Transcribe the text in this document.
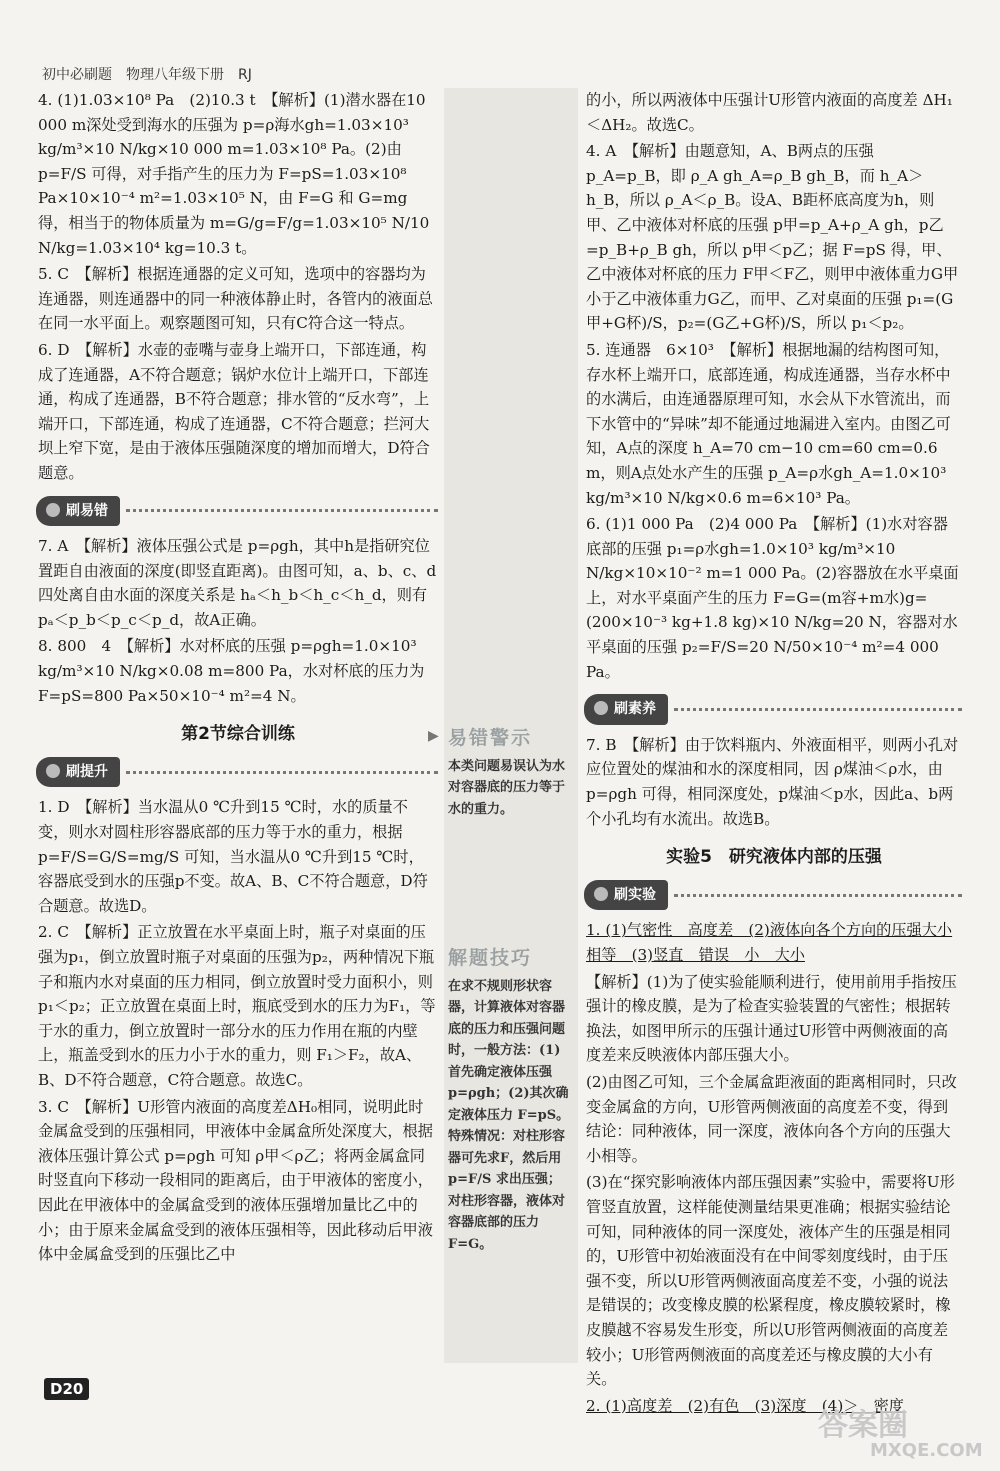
初中必刷题　物理八年级下册　RJ

4. (1)1.03×10⁸ Pa　(2)10.3 t　【解析】(1)潜水器在10 000 m深处受到海水的压强为 p=ρ海水gh=1.03×10³ kg/m³×10 N/kg×10 000 m=1.03×10⁸ Pa。(2)由 p=F/S 可得，对手指产生的压力为 F=pS=1.03×10⁸ Pa×10×10⁻⁴ m²=1.03×10⁵ N，由 F=G 和 G=mg 得，相当于的物体质量为 m=G/g=F/g=1.03×10⁵ N/10 N/kg=1.03×10⁴ kg=10.3 t。

5. C　【解析】根据连通器的定义可知，选项中的容器均为连通器，则连通器中的同一种液体静止时，各管内的液面总在同一水平面上。观察题图可知，只有C符合这一特点。

6. D　【解析】水壶的壶嘴与壶身上端开口，下部连通，构成了连通器，A不符合题意；锅炉水位计上端开口，下部连通，构成了连通器，B不符合题意；排水管的“反水弯”，上端开口，下部连通，构成了连通器，C不符合题意；拦河大坝上窄下宽，是由于液体压强随深度的增加而增大，D符合题意。

刷易错

7. A　【解析】液体压强公式是 p=ρgh，其中h是指研究位置距自由液面的深度(即竖直距离)。由图可知，a、b、c、d 四处离自由水面的深度关系是 hₐ＜h_b＜h_c＜h_d，则有 pₐ＜p_b＜p_c＜p_d，故A正确。

8. 800　4　【解析】水对杯底的压强 p=ρgh=1.0×10³ kg/m³×10 N/kg×0.08 m=800 Pa，水对杯底的压力为 F=pS=800 Pa×50×10⁻⁴ m²=4 N。

第2节综合训练
刷提升

1. D　【解析】当水温从0 ℃升到15 ℃时，水的质量不变，则水对圆柱形容器底部的压力等于水的重力，根据 p=F/S=G/S=mg/S 可知，当水温从0 ℃升到15 ℃时，容器底受到水的压强p不变。故A、B、C不符合题意，D符合题意。故选D。

2. C　【解析】正立放置在水平桌面上时，瓶子对桌面的压强为p₁，倒立放置时瓶子对桌面的压强为p₂，两种情况下瓶子和瓶内水对桌面的压力相同，倒立放置时受力面积小，则 p₁＜p₂；正立放置在桌面上时，瓶底受到水的压力为F₁，等于水的重力，倒立放置时一部分水的压力作用在瓶的内壁上，瓶盖受到水的压力小于水的重力，则 F₁＞F₂，故A、B、D不符合题意，C符合题意。故选C。

3. C　【解析】U形管内液面的高度差ΔH₀相同，说明此时金属盒受到的压强相同，甲液体中金属盒所处深度大，根据液体压强计算公式 p=ρgh 可知 ρ甲＜ρ乙；将两金属盒同时竖直向下移动一段相同的距离后，由于甲液体的密度小，因此在甲液体中的金属盒受到的液体压强增加量比乙中的小；由于原来金属盒受到的液体压强相等，因此移动后甲液体中金属盒受到的压强比乙中

易错警示
本类问题易误认为水对容器底的压力等于水的重力。
解题技巧
在求不规则形状容器，计算液体对容器底的压力和压强问题时，一般方法：(1)首先确定液体压强 p=ρgh；(2)其次确定液体压力 F=pS。特殊情况：对柱形容器可先求F，然后用 p=F/S 求出压强；对柱形容器，液体对容器底部的压力 F=G。
▶

的小，所以两液体中压强计U形管内液面的高度差 ΔH₁＜ΔH₂。故选C。

4. A　【解析】由题意知，A、B两点的压强 p_A=p_B，即 ρ_A gh_A=ρ_B gh_B，而 h_A＞h_B，所以 ρ_A＜ρ_B。设A、B距杯底高度为h，则甲、乙中液体对杯底的压强 p甲=p_A+ρ_A gh，p乙=p_B+ρ_B gh，所以 p甲＜p乙；据 F=pS 得，甲、乙中液体对杯底的压力 F甲＜F乙，则甲中液体重力G甲小于乙中液体重力G乙，而甲、乙对桌面的压强 p₁=(G甲+G杯)/S，p₂=(G乙+G杯)/S，所以 p₁＜p₂。

5. 连通器　6×10³　【解析】根据地漏的结构图可知，存水杯上端开口，底部连通，构成连通器，当存水杯中的水满后，由连通器原理可知，水会从下水管流出，而下水管中的“异味”却不能通过地漏进入室内。由图乙可知，A点的深度 h_A=70 cm−10 cm=60 cm=0.6 m，则A点处水产生的压强 p_A=ρ水gh_A=1.0×10³ kg/m³×10 N/kg×0.6 m=6×10³ Pa。

6. (1)1 000 Pa　(2)4 000 Pa　【解析】(1)水对容器底部的压强 p₁=ρ水gh=1.0×10³ kg/m³×10 N/kg×10×10⁻² m=1 000 Pa。(2)容器放在水平桌面上，对水平桌面产生的压力 F=G=(m容+m水)g=(200×10⁻³ kg+1.8 kg)×10 N/kg=20 N，容器对水平桌面的压强 p₂=F/S=20 N/50×10⁻⁴ m²=4 000 Pa。

刷素养

7. B　【解析】由于饮料瓶内、外液面相平，则两小孔对应位置处的煤油和水的深度相同，因 ρ煤油＜ρ水，由 p=ρgh 可得，相同深度处，p煤油＜p水，因此a、b两个小孔均有水流出。故选B。

实验5　研究液体内部的压强
刷实验

1. (1)气密性　高度差　(2)液体向各个方向的压强大小相等　(3)竖直　错误　小　大小

【解析】(1)为了使实验能顺利进行，使用前用手指按压强计的橡皮膜，是为了检查实验装置的气密性；根据转换法，如图甲所示的压强计通过U形管中两侧液面的高度差来反映液体内部压强大小。

(2)由图乙可知，三个金属盒距液面的距离相同时，只改变金属盒的方向，U形管两侧液面的高度差不变，得到结论：同种液体，同一深度，液体向各个方向的压强大小相等。

(3)在“探究影响液体内部压强因素”实验中，需要将U形管竖直放置，这样能使测量结果更准确；根据实验结论可知，同种液体的同一深度处，液体产生的压强是相同的，U形管中初始液面没有在中间零刻度线时，由于压强不变，所以U形管两侧液面高度差不变，小强的说法是错误的；改变橡皮膜的松紧程度，橡皮膜较紧时，橡皮膜越不容易发生形变，所以U形管两侧液面的高度差较小；U形管两侧液面的高度差还与橡皮膜的大小有关。

2. (1)高度差　(2)有色　(3)深度　(4)＞　密度

D20
答案圈
MXQE.COM
